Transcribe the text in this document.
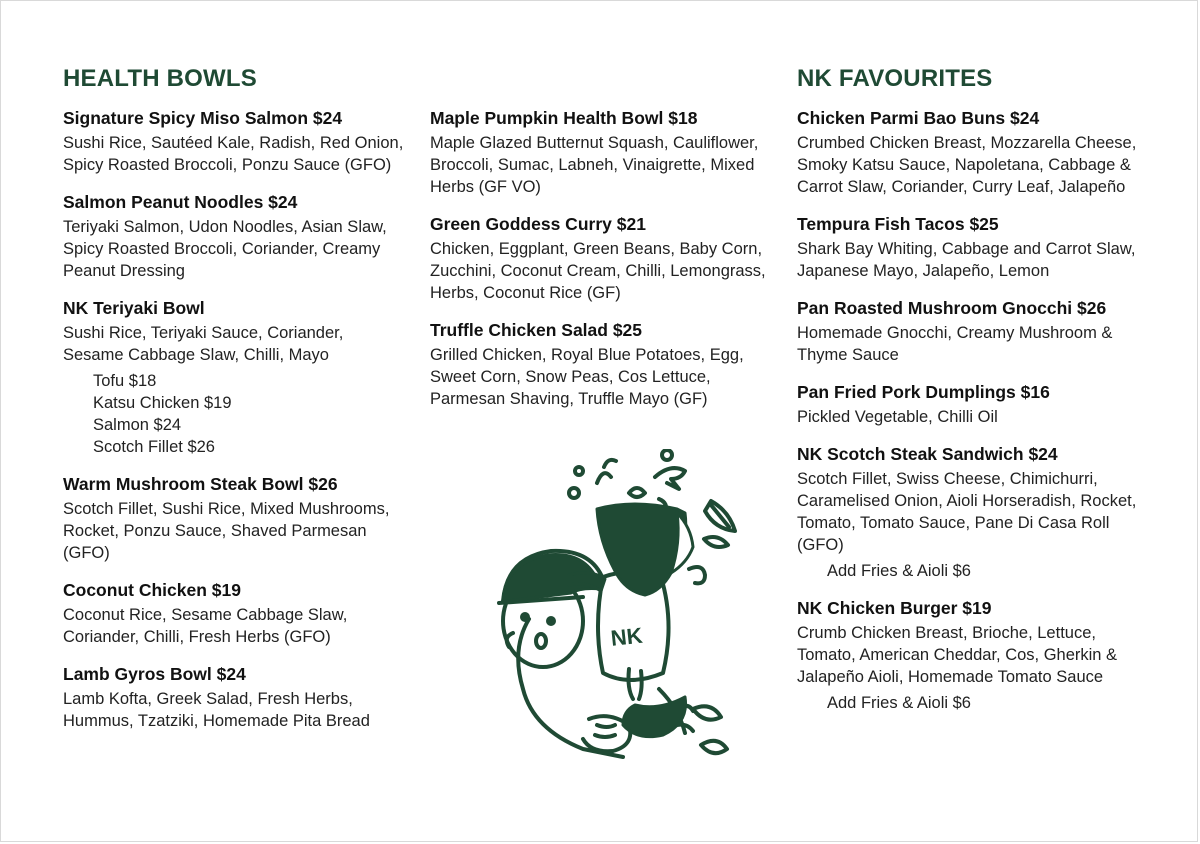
HEALTH BOWLS
Signature Spicy Miso Salmon $24

Sushi Rice, Sautéed Kale, Radish, Red Onion, Spicy Roasted Broccoli, Ponzu Sauce (GFO)

Salmon Peanut Noodles $24

Teriyaki Salmon, Udon Noodles, Asian Slaw, Spicy Roasted Broccoli, Coriander, Creamy Peanut Dressing

NK Teriyaki Bowl

Sushi Rice, Teriyaki Sauce, Coriander, Sesame Cabbage Slaw, Chilli, Mayo

Tofu $18
Katsu Chicken $19
Salmon $24
Scotch Fillet $26
Warm Mushroom Steak Bowl $26

Scotch Fillet, Sushi Rice, Mixed Mushrooms, Rocket, Ponzu Sauce, Shaved Parmesan (GFO)

Coconut Chicken $19

Coconut Rice, Sesame Cabbage Slaw, Coriander, Chilli, Fresh Herbs (GFO)

Lamb Gyros Bowl $24

Lamb Kofta, Greek Salad, Fresh Herbs, Hummus, Tzatziki, Homemade Pita Bread

Maple Pumpkin Health Bowl $18

Maple Glazed Butternut Squash, Cauliflower, Broccoli, Sumac, Labneh, Vinaigrette, Mixed Herbs (GF VO)

Green Goddess Curry $21

Chicken, Eggplant, Green Beans, Baby Corn, Zucchini, Coconut Cream, Chilli, Lemongrass, Herbs, Coconut Rice (GF)

Truffle Chicken Salad $25

Grilled Chicken, Royal Blue Potatoes, Egg, Sweet Corn, Snow Peas, Cos Lettuce, Parmesan Shaving, Truffle Mayo (GF)

NK FAVOURITES
Chicken Parmi Bao Buns $24

Crumbed Chicken Breast, Mozzarella Cheese, Smoky Katsu Sauce, Napoletana, Cabbage & Carrot Slaw, Coriander, Curry Leaf, Jalapeño

Tempura Fish Tacos $25

Shark Bay Whiting, Cabbage and Carrot Slaw, Japanese Mayo, Jalapeño, Lemon

Pan Roasted Mushroom Gnocchi $26

Homemade Gnocchi, Creamy Mushroom & Thyme Sauce

Pan Fried Pork Dumplings $16

Pickled Vegetable, Chilli Oil

NK Scotch Steak Sandwich $24

Scotch Fillet, Swiss Cheese, Chimichurri, Caramelised Onion, Aioli Horseradish, Rocket, Tomato, Tomato Sauce, Pane Di Casa Roll (GFO)

Add Fries & Aioli $6
NK Chicken Burger $19

Crumb Chicken Breast, Brioche, Lettuce, Tomato, American Cheddar, Cos, Gherkin & Jalapeño Aioli, Homemade Tomato Sauce

Add Fries & Aioli $6
NK
